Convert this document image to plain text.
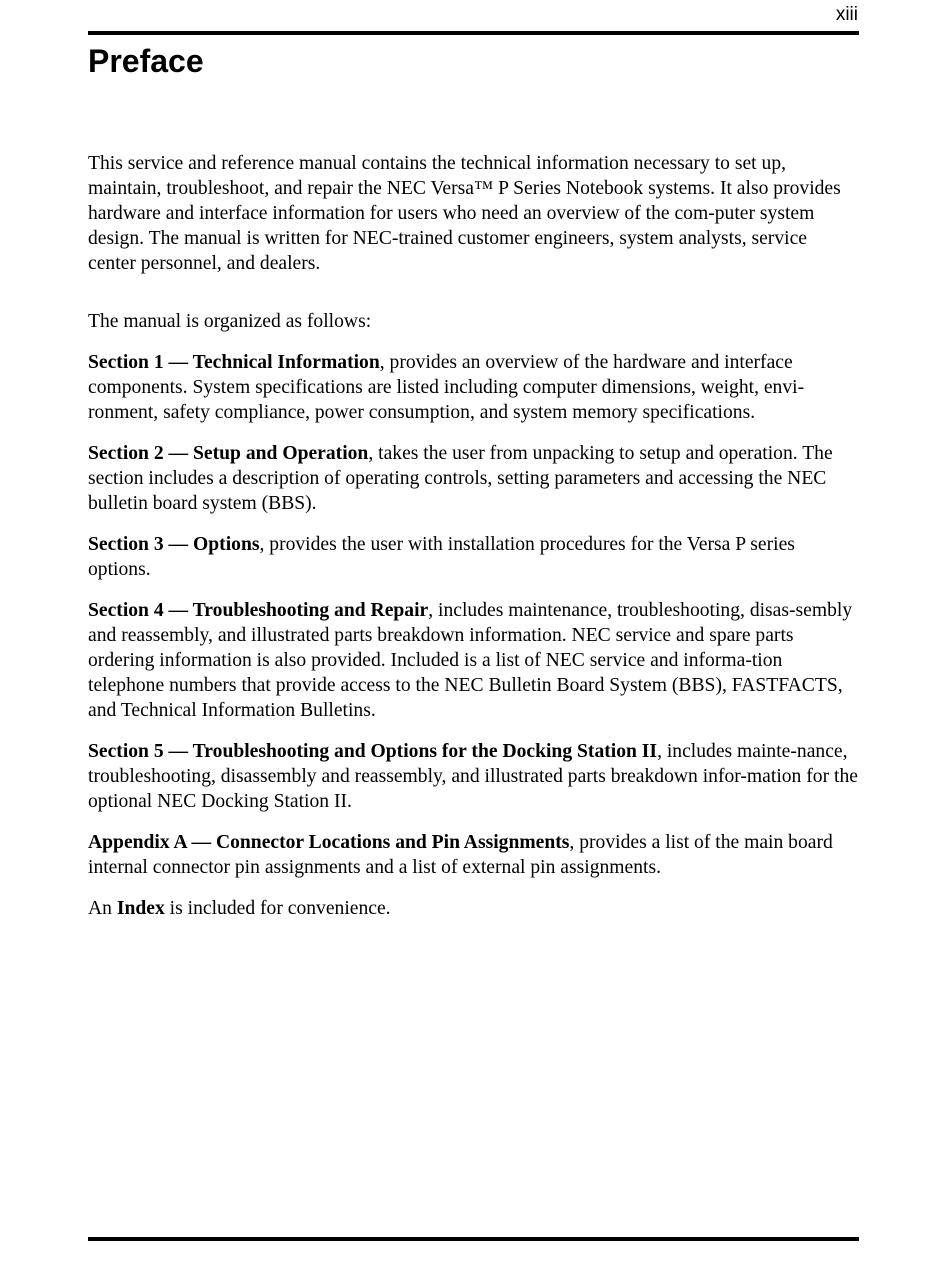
xiii
Preface

This service and reference manual contains the technical information necessary to set up, maintain, troubleshoot, and repair the NEC Versa™ P Series Notebook systems. It also provides hardware and interface information for users who need an overview of the com-puter system design. The manual is written for NEC-trained customer engineers, system analysts, service center personnel, and dealers.

The manual is organized as follows:

Section 1 — Technical Information, provides an overview of the hardware and interface components. System specifications are listed including computer dimensions, weight, envi-ronment, safety compliance, power consumption, and system memory specifications.

Section 2 — Setup and Operation, takes the user from unpacking to setup and operation. The section includes a description of operating controls, setting parameters and accessing the NEC bulletin board system (BBS).

Section 3 — Options, provides the user with installation procedures for the Versa P series options.

Section 4 — Troubleshooting and Repair, includes maintenance, troubleshooting, disas-sembly and reassembly, and illustrated parts breakdown information. NEC service and spare parts ordering information is also provided. Included is a list of NEC service and informa-tion telephone numbers that provide access to the NEC Bulletin Board System (BBS), FASTFACTS, and Technical Information Bulletins.

Section 5 — Troubleshooting and Options for the Docking Station II, includes mainte-nance, troubleshooting, disassembly and reassembly, and illustrated parts breakdown infor-mation for the optional NEC Docking Station II.

Appendix A — Connector Locations and Pin Assignments, provides a list of the main board internal connector pin assignments and a list of external pin assignments.

An Index is included for convenience.
